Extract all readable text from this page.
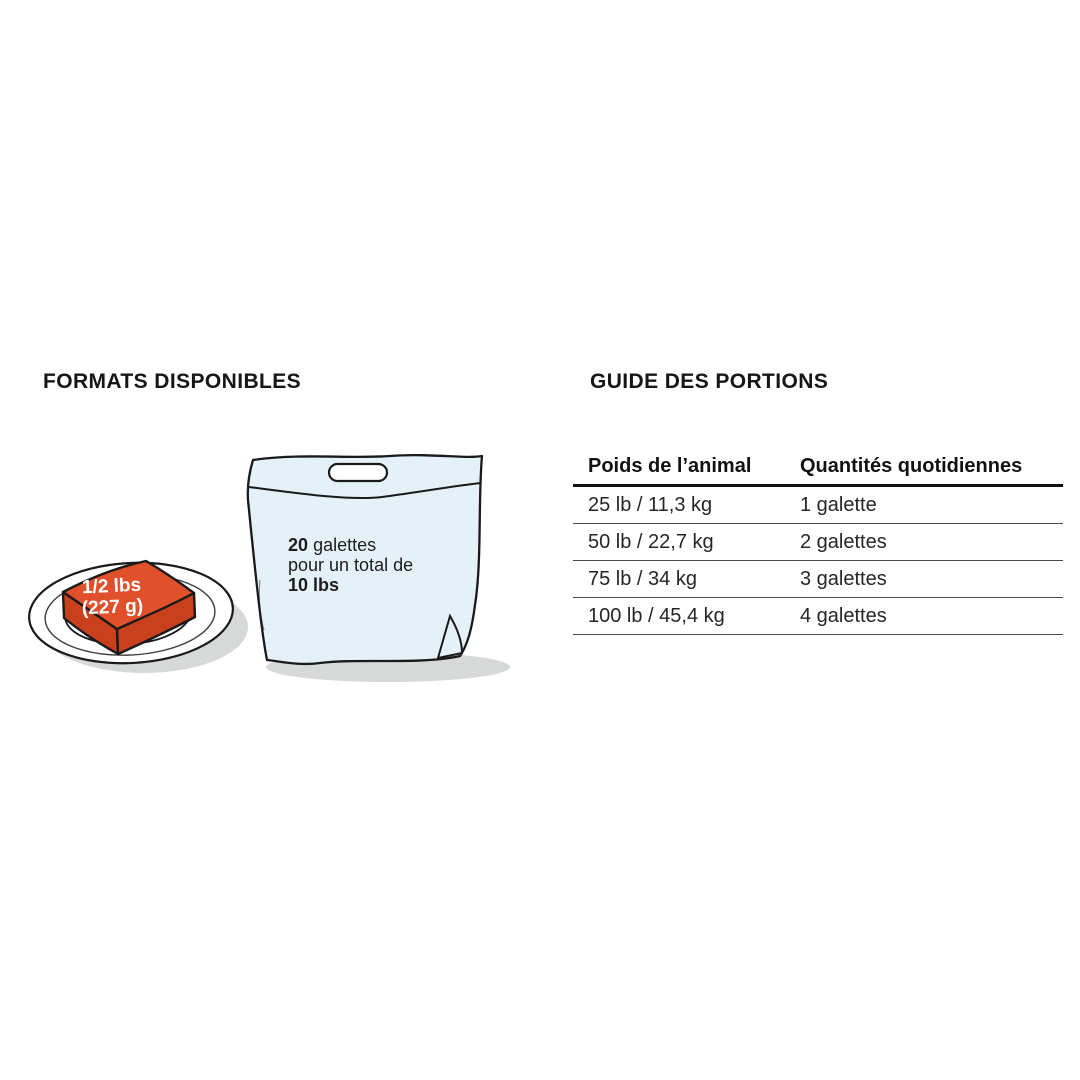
FORMATS DISPONIBLES	GUIDE DES PORTIONS
1/2 lbs
(227 g)
20 galettes
pour un total de
10 lbs
Poids de l’animal	Quantités quotidiennes
25 lb / 11,3 kg	1 galette
50 lb / 22,7 kg	2 galettes
75 lb / 34 kg	3 galettes
100 lb / 45,4 kg	4 galettes
